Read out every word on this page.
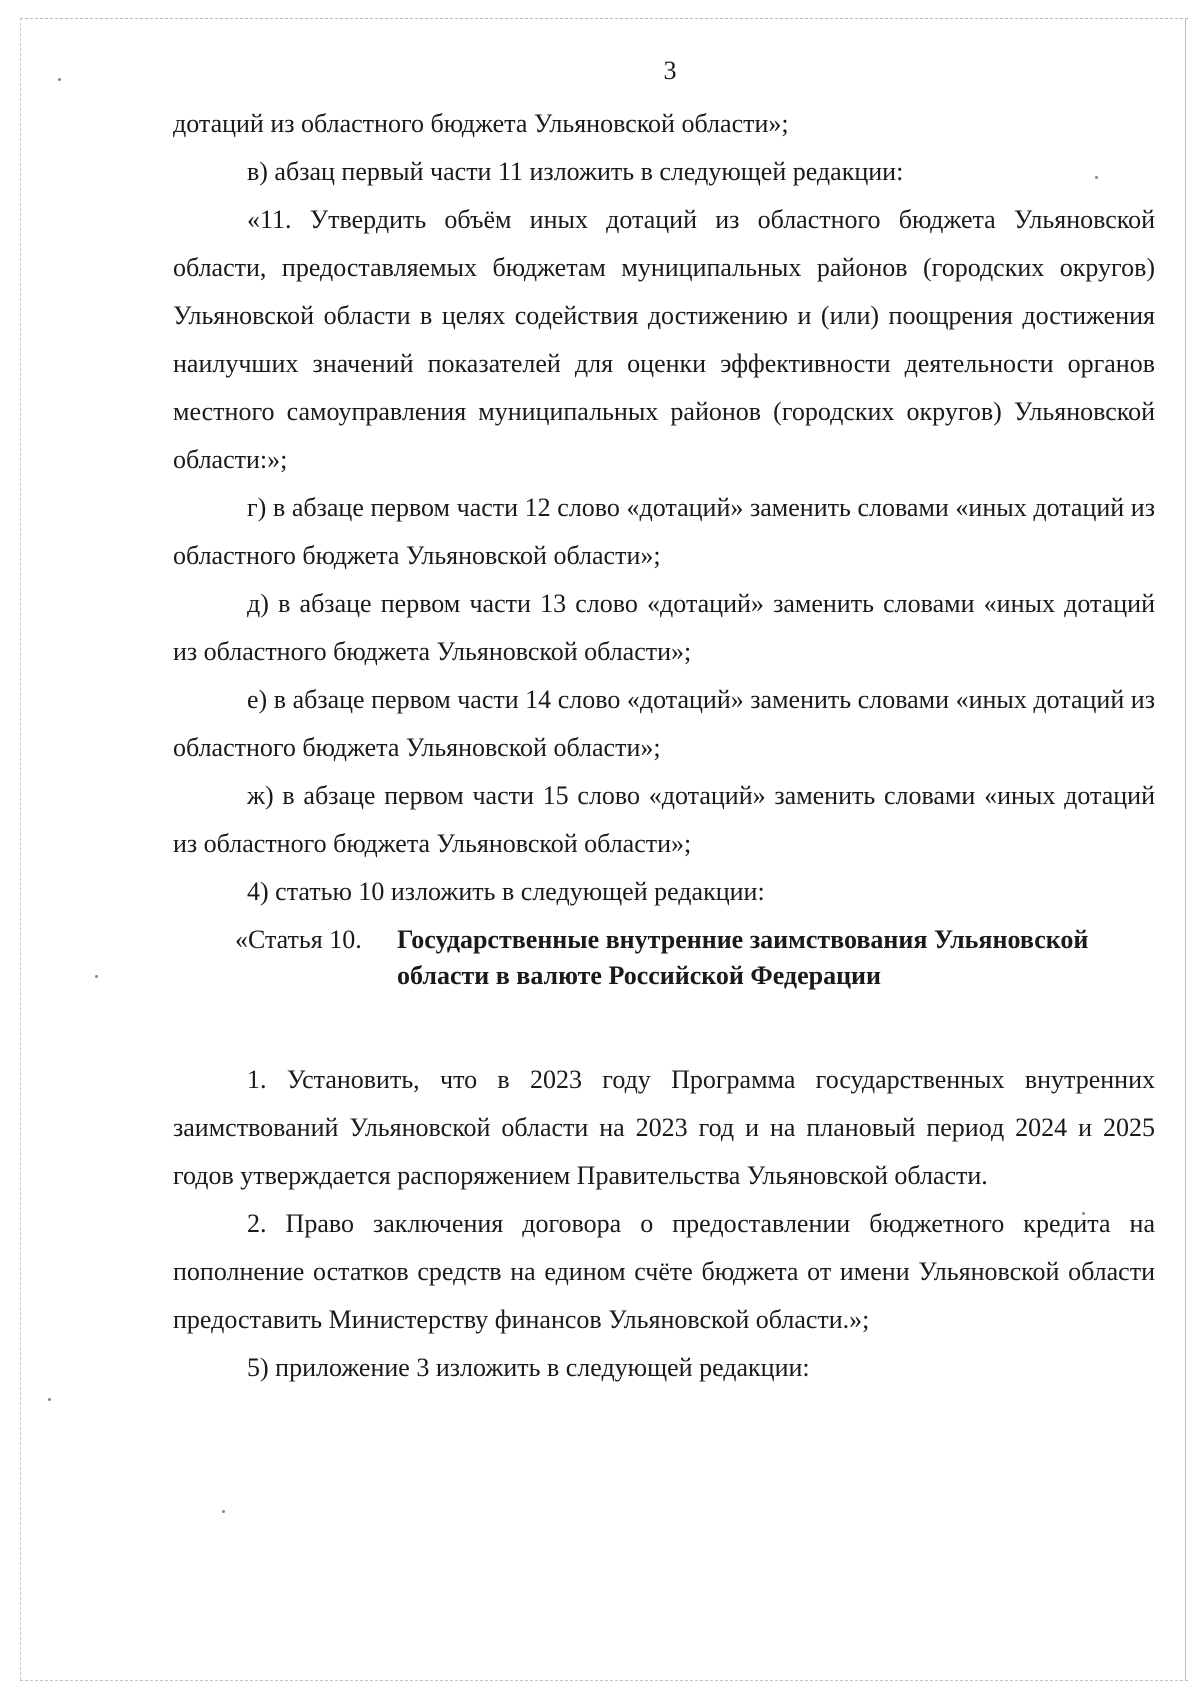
3

дотаций из областного бюджета Ульяновской области»;

в) абзац первый части 11 изложить в следующей редакции:

«11. Утвердить объём иных дотаций из областного бюджета Ульяновской области, предоставляемых бюджетам муниципальных районов (городских округов) Ульяновской области в целях содействия достижению и (или) поощрения достижения наилучших значений показателей для оценки эффективности деятельности органов местного самоуправления муниципальных районов (городских округов) Ульяновской области:»;

г) в абзаце первом части 12 слово «дотаций» заменить словами «иных дотаций из областного бюджета Ульяновской области»;

д) в абзаце первом части 13 слово «дотаций» заменить словами «иных дотаций из областного бюджета Ульяновской области»;

е) в абзаце первом части 14 слово «дотаций» заменить словами «иных дотаций из областного бюджета Ульяновской области»;

ж) в абзаце первом части 15 слово «дотаций» заменить словами «иных дотаций из областного бюджета Ульяновской области»;

4) статью 10 изложить в следующей редакции:

«Статья 10.	Государственные внутренние заимствования Ульяновской области в валюте Российской Федерации

1. Установить, что в 2023 году Программа государственных внутренних заимствований Ульяновской области на 2023 год и на плановый период 2024 и 2025 годов утверждается распоряжением Правительства Ульяновской области.

2. Право заключения договора о предоставлении бюджетного кредита на пополнение остатков средств на едином счёте бюджета от имени Ульяновской области предоставить Министерству финансов Ульяновской области.»;

5) приложение 3 изложить в следующей редакции:
